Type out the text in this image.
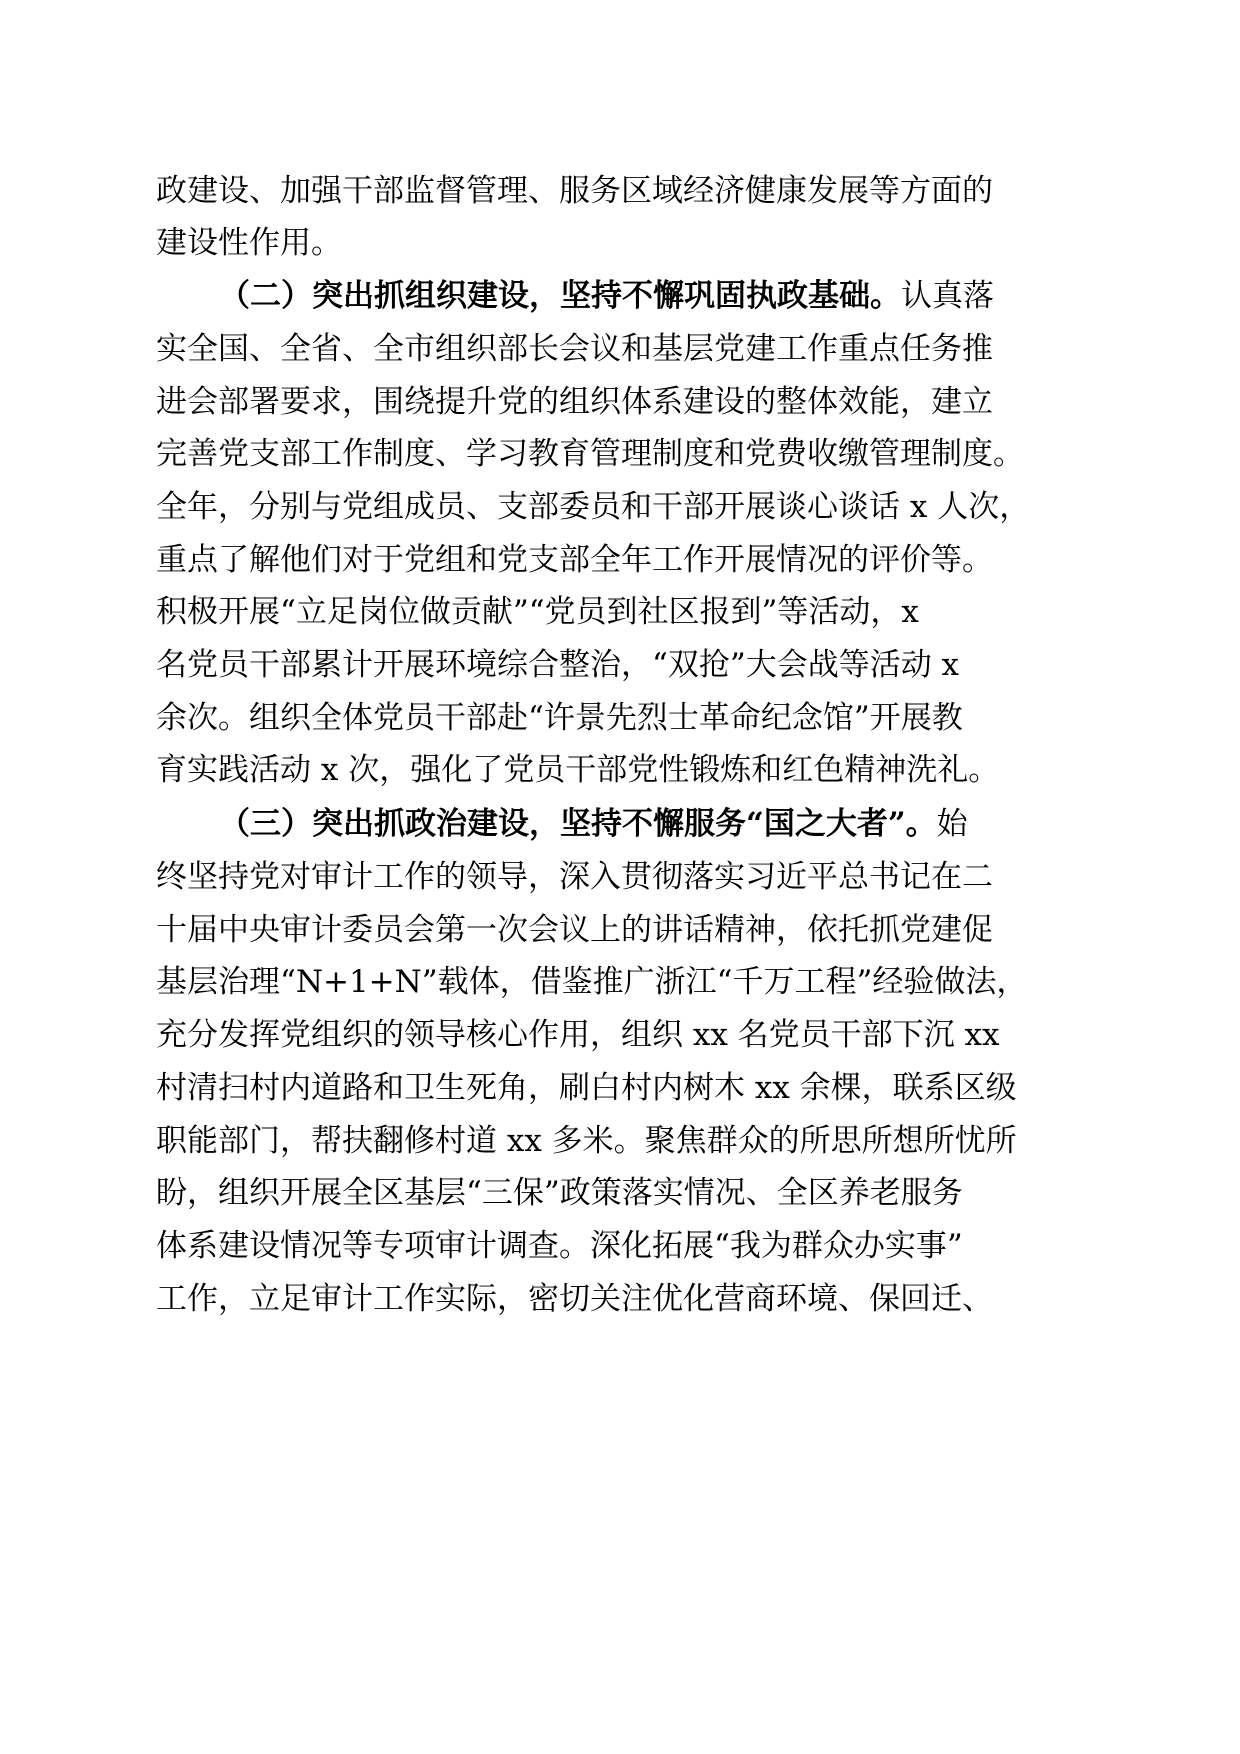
政建设、加强干部监督管理、服务区域经济健康发展等方面的
建设性作用。
（二）突出抓组织建设，坚持不懈巩固执政基础。认真落
实全国、全省、全市组织部长会议和基层党建工作重点任务推
进会部署要求，围绕提升党的组织体系建设的整体效能，建立
完善党支部工作制度、学习教育管理制度和党费收缴管理制度。
全年，分别与党组成员、支部委员和干部开展谈心谈话 x 人次，
重点了解他们对于党组和党支部全年工作开展情况的评价等。
积极开展“立足岗位做贡献”“党员到社区报到”等活动，x
名党员干部累计开展环境综合整治，“双抢”大会战等活动 x
余次。组织全体党员干部赴“许景先烈士革命纪念馆”开展教
育实践活动 x 次，强化了党员干部党性锻炼和红色精神洗礼。
（三）突出抓政治建设，坚持不懈服务“国之大者”。始
终坚持党对审计工作的领导，深入贯彻落实习近平总书记在二
十届中央审计委员会第一次会议上的讲话精神，依托抓党建促
基层治理“N+1+N”载体，借鉴推广浙江“千万工程”经验做法，
充分发挥党组织的领导核心作用，组织 xx 名党员干部下沉 xx
村清扫村内道路和卫生死角，刷白村内树木 xx 余棵，联系区级
职能部门，帮扶翻修村道 xx 多米。聚焦群众的所思所想所忧所
盼，组织开展全区基层“三保”政策落实情况、全区养老服务
体系建设情况等专项审计调查。深化拓展“我为群众办实事”
工作，立足审计工作实际，密切关注优化营商环境、保回迁、
